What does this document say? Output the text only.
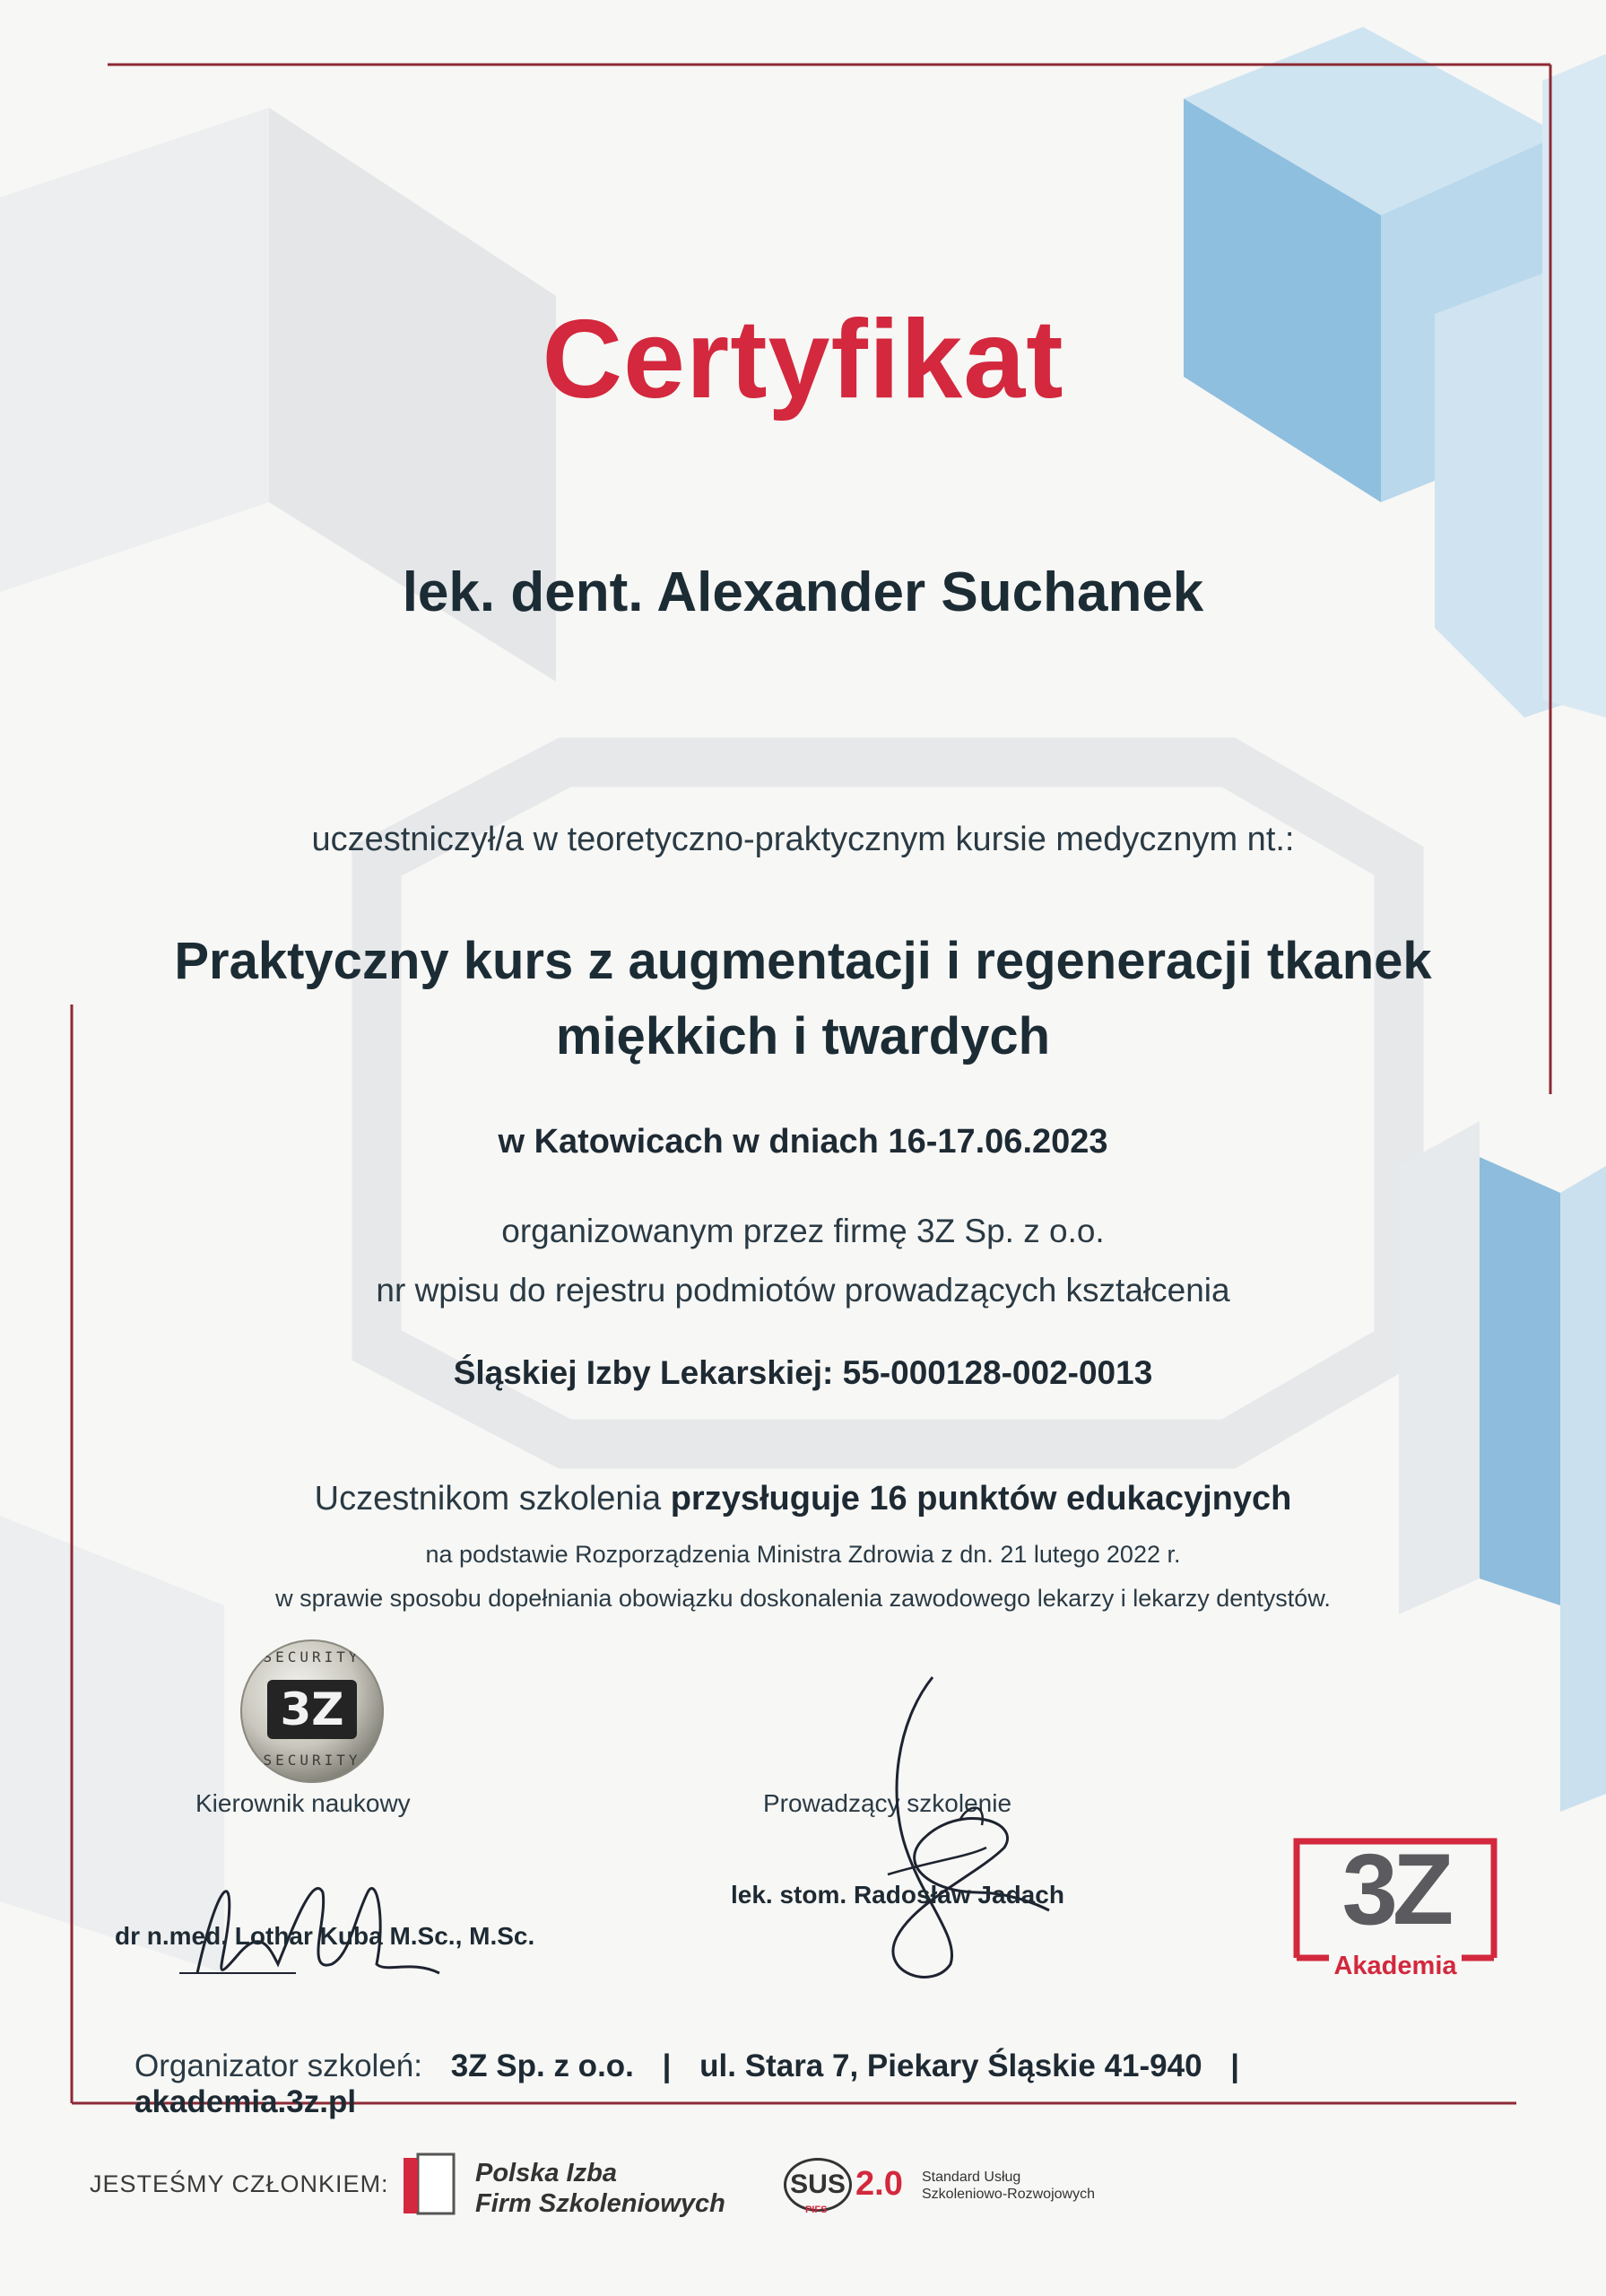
Certyfikat
lek. dent. Alexander Suchanek
uczestniczył/a w teoretyczno-praktycznym kursie medycznym nt.:
Praktyczny kurs z augmentacji i regeneracji tkanek
miękkich i twardych
w Katowicach w dniach 16-17.06.2023
organizowanym przez firmę 3Z Sp. z o.o.
nr wpisu do rejestru podmiotów prowadzących kształcenia
Śląskiej Izby Lekarskiej: 55-000128-002-0013
Uczestnikom szkolenia przysługuje 16 punktów edukacyjnych
na podstawie Rozporządzenia Ministra Zdrowia z dn. 21 lutego 2022 r.
w sprawie sposobu dopełniania obowiązku doskonalenia zawodowego lekarzy i lekarzy dentystów.
SECURITY
3Z
SECURITY
Kierownik naukowy
dr n.med. Lothar Kuba M.Sc., M.Sc.
Prowadzący szkolenie
lek. stom. Radosław Jadach	3Z
Akademia
Organizator szkoleń: 3Z Sp. z o.o. | ul. Stara 7, Piekary Śląskie 41-940 | akademia.3z.pl
JESTEŚMY CZŁONKIEM:	Polska Izba
Firm Szkoleniowych
SUS
PIFS
2.0 Standard Usług
Szkoleniowo-Rozwojowych
